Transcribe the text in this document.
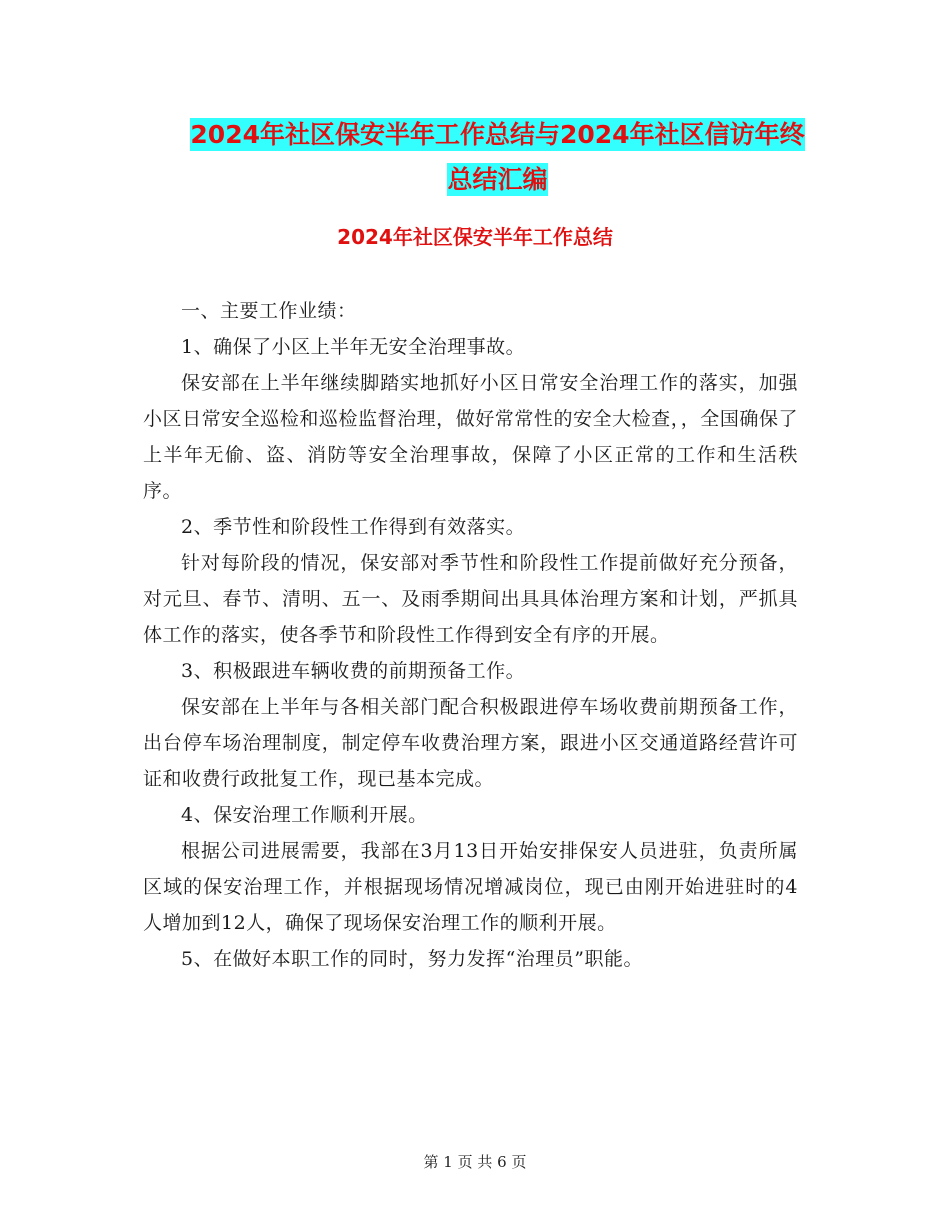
2024年社区保安半年工作总结与2024年社区信访年终
总结汇编
2024年社区保安半年工作总结

一、主要工作业绩：

1、确保了小区上半年无安全治理事故。

保安部在上半年继续脚踏实地抓好小区日常安全治理工作的落实，加强小区日常安全巡检和巡检监督治理，做好常常性的安全大检查，，全国确保了上半年无偷、盗、消防等安全治理事故，保障了小区正常的工作和生活秩序。

2、季节性和阶段性工作得到有效落实。

针对每阶段的情况，保安部对季节性和阶段性工作提前做好充分预备，对元旦、春节、清明、五一、及雨季期间出具具体治理方案和计划，严抓具体工作的落实，使各季节和阶段性工作得到安全有序的开展。

3、积极跟进车辆收费的前期预备工作。

保安部在上半年与各相关部门配合积极跟进停车场收费前期预备工作，出台停车场治理制度，制定停车收费治理方案，跟进小区交通道路经营许可证和收费行政批复工作，现已基本完成。

4、保安治理工作顺利开展。

根据公司进展需要，我部在3月13日开始安排保安人员进驻，负责所属区域的保安治理工作，并根据现场情况增减岗位，现已由刚开始进驻时的4人增加到12人，确保了现场保安治理工作的顺利开展。

5、在做好本职工作的同时，努力发挥“治理员”职能。

第 1 页 共 6 页
